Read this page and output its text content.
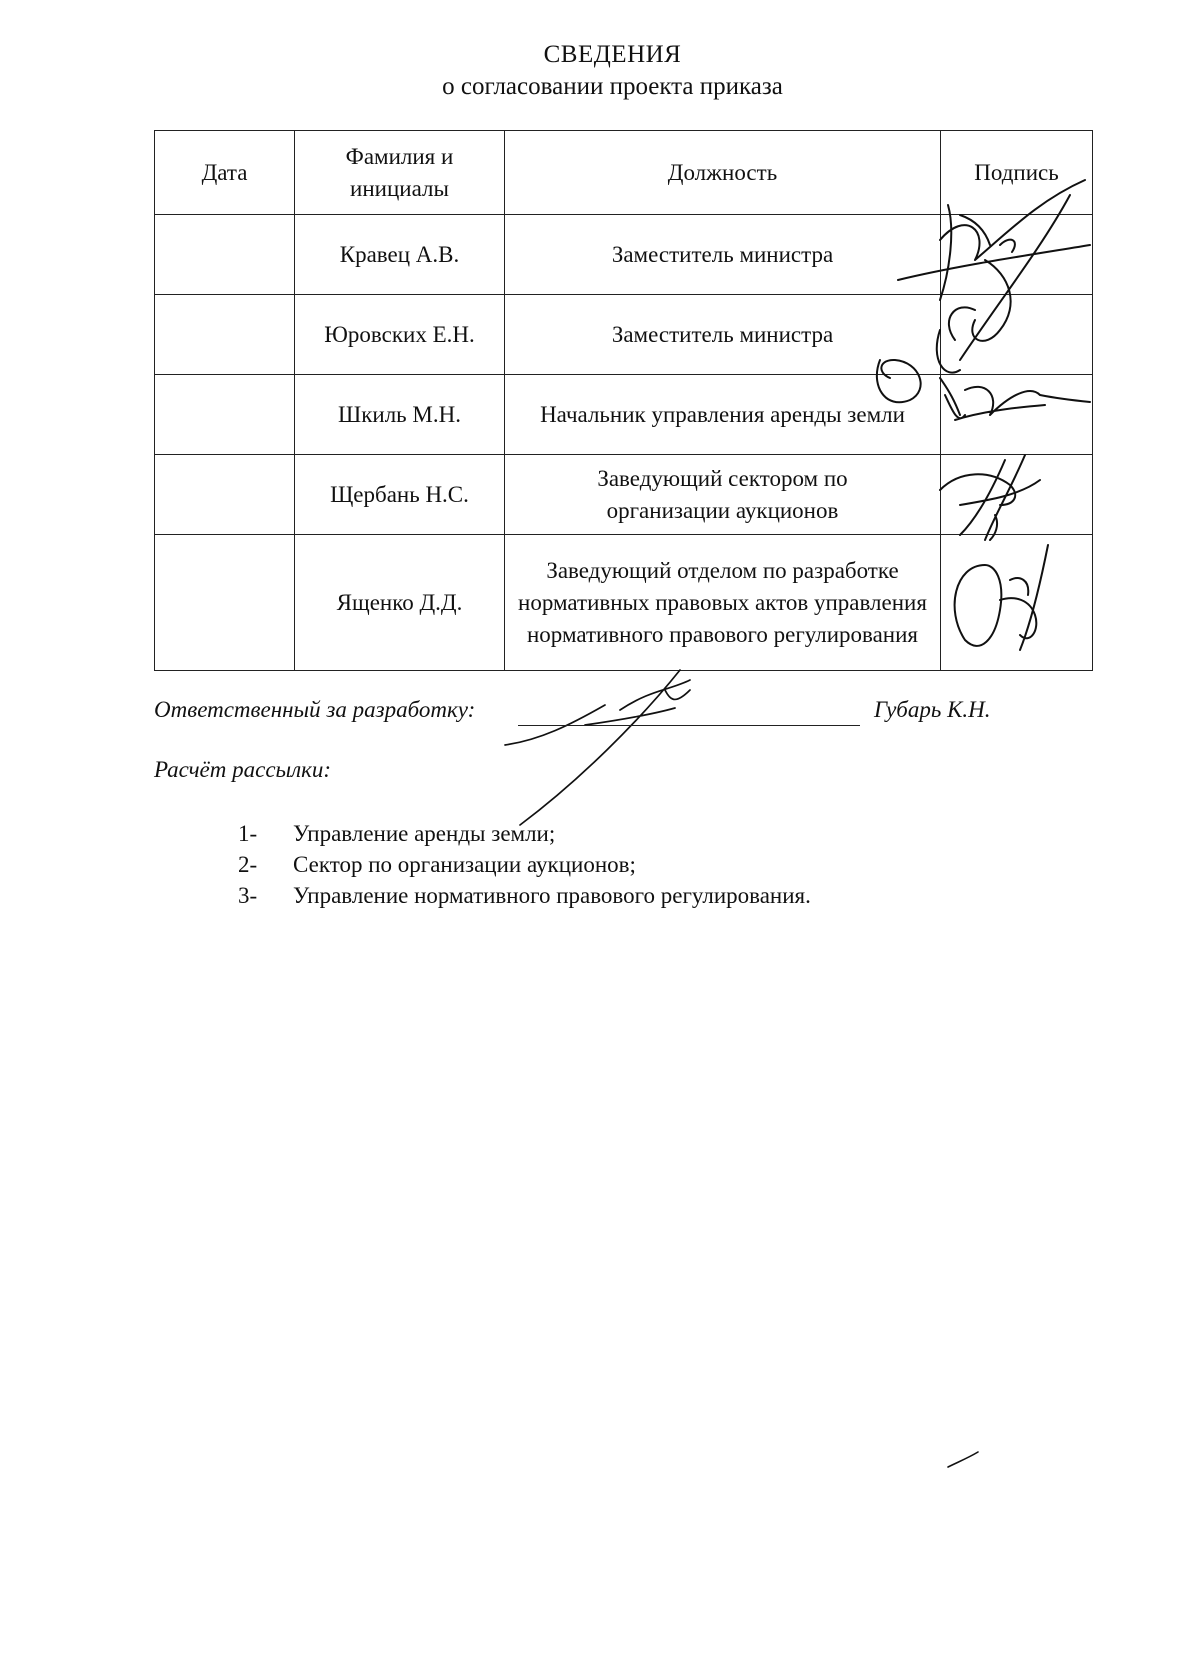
СВЕДЕНИЯ
о согласовании проекта приказа
Дата	Фамилия и инициалы	Должность	Подпись
	Кравец А.В.	Заместитель министра	
	Юровских Е.Н.	Заместитель министра	
	Шкиль М.Н.	Начальник управления аренды земли	
	Щербань Н.С.	Заведующий сектором по организации аукционов	
	Ященко Д.Д.	Заведующий отделом по разработке нормативных правовых актов управления нормативного правового регулирования	
Ответственный за разработку:	Губарь К.Н.
Расчёт рассылки:
1- Управление аренды земли;
2- Сектор по организации аукционов;
3- Управление нормативного правового регулирования.
